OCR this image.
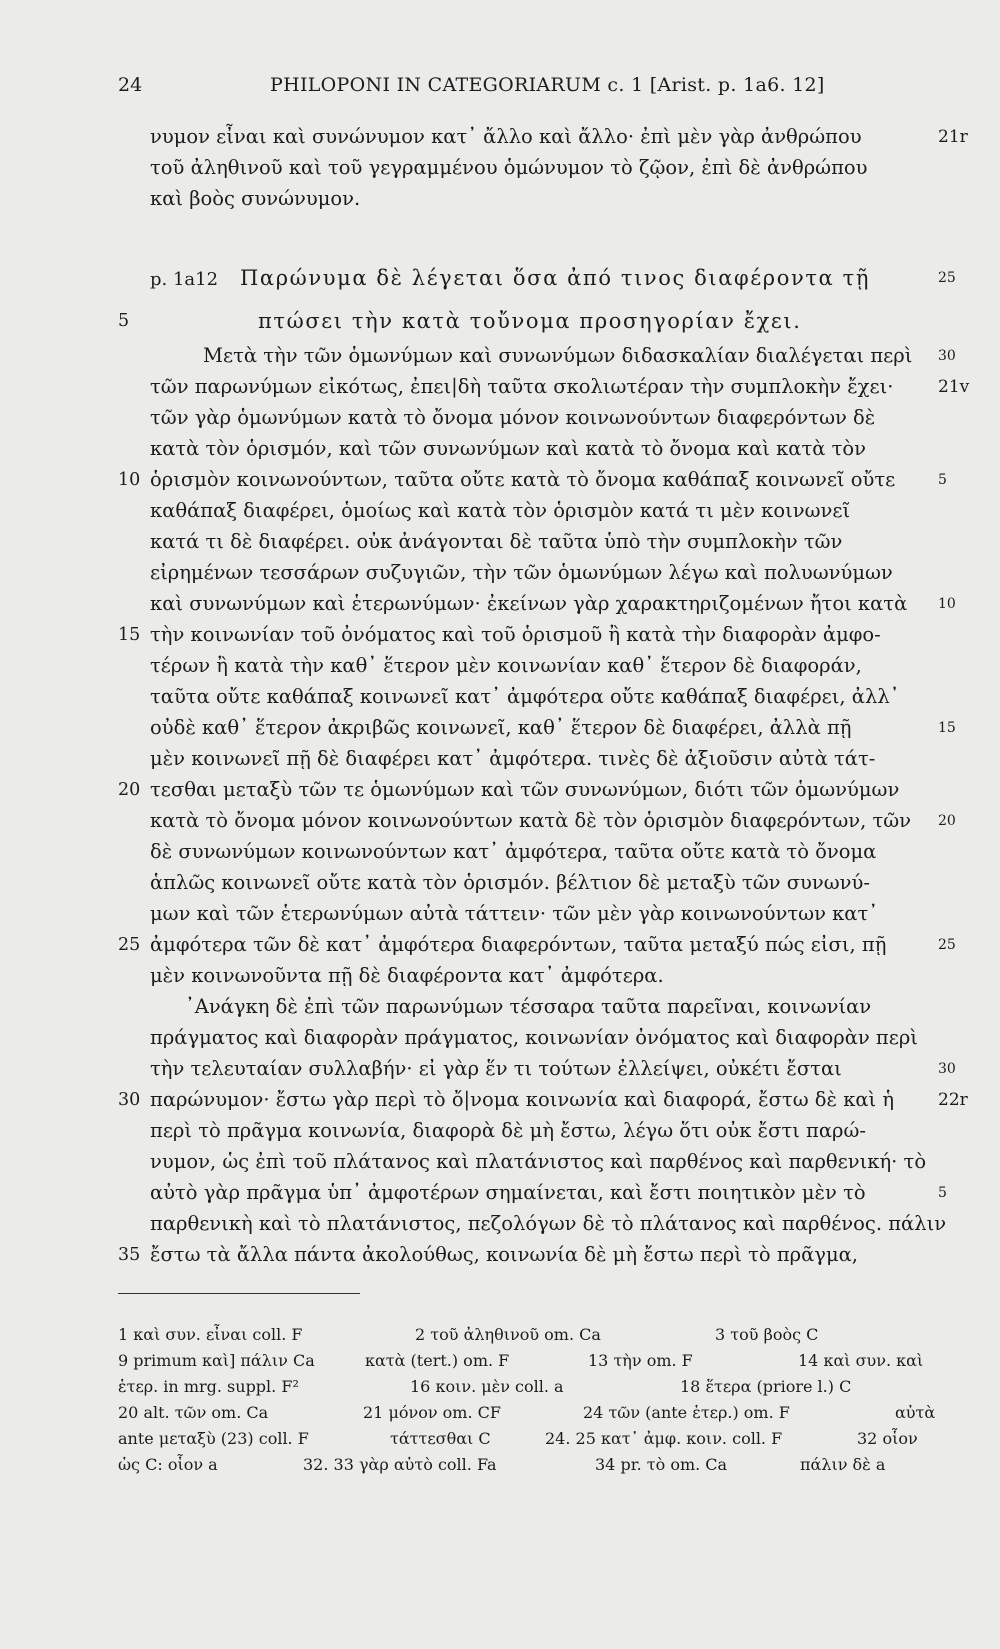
24	PHILOPONI IN CATEGORIARUM c. 1 [Arist. p. 1a6. 12]
νυμον εἶναι καὶ συνώνυμον κατ᾽ ἄλλο καὶ ἄλλο· ἐπὶ μὲν γὰρ ἀνθρώπου	21r
τοῦ ἀληθινοῦ καὶ τοῦ γεγραμμένου ὁμώνυμον τὸ ζῷον, ἐπὶ δὲ ἀνθρώπου
καὶ βοὸς συνώνυμον.
πτώσει τὴν κατὰ τοὔνομα προσηγορίαν ἔχει.
5
Μετὰ τὴν τῶν ὁμωνύμων καὶ συνωνύμων διδασκαλίαν διαλέγεται περὶ	30
τῶν παρωνύμων εἰκότως, ἐπει|δὴ ταῦτα σκολιωτέραν τὴν συμπλοκὴν ἔχει·	21v
τῶν γὰρ ὁμωνύμων κατὰ τὸ ὄνομα μόνον κοινωνούντων διαφερόντων δὲ
κατὰ τὸν ὁρισμόν, καὶ τῶν συνωνύμων καὶ κατὰ τὸ ὄνομα καὶ κατὰ τὸν
ὁρισμὸν κοινωνούντων, ταῦτα οὔτε κατὰ τὸ ὄνομα καθάπαξ κοινωνεῖ οὔτε
10	5
καθάπαξ διαφέρει, ὁμοίως καὶ κατὰ τὸν ὁρισμὸν κατά τι μὲν κοινωνεῖ
κατά τι δὲ διαφέρει. οὐκ ἀνάγονται δὲ ταῦτα ὑπὸ τὴν συμπλοκὴν τῶν
εἰρημένων τεσσάρων συζυγιῶν, τὴν τῶν ὁμωνύμων λέγω καὶ πολυωνύμων
καὶ συνωνύμων καὶ ἑτερωνύμων· ἐκείνων γὰρ χαρακτηριζομένων ἤτοι κατὰ	10
τὴν κοινωνίαν τοῦ ὀνόματος καὶ τοῦ ὁρισμοῦ ἢ κατὰ τὴν διαφορὰν ἀμφο-
15
τέρων ἢ κατὰ τὴν καθ᾽ ἕτερον μὲν κοινωνίαν καθ᾽ ἕτερον δὲ διαφοράν,
ταῦτα οὔτε καθάπαξ κοινωνεῖ κατ᾽ ἀμφότερα οὔτε καθάπαξ διαφέρει, ἀλλ᾽
οὐδὲ καθ᾽ ἕτερον ἀκριβῶς κοινωνεῖ, καθ᾽ ἕτερον δὲ διαφέρει, ἀλλὰ πῇ	15
μὲν κοινωνεῖ πῇ δὲ διαφέρει κατ᾽ ἀμφότερα. τινὲς δὲ ἀξιοῦσιν αὐτὰ τάτ-
τεσθαι μεταξὺ τῶν τε ὁμωνύμων καὶ τῶν συνωνύμων, διότι τῶν ὁμωνύμων
20
κατὰ τὸ ὄνομα μόνον κοινωνούντων κατὰ δὲ τὸν ὁρισμὸν διαφερόντων, τῶν	20
δὲ συνωνύμων κοινωνούντων κατ᾽ ἀμφότερα, ταῦτα οὔτε κατὰ τὸ ὄνομα
ἁπλῶς κοινωνεῖ οὔτε κατὰ τὸν ὁρισμόν. βέλτιον δὲ μεταξὺ τῶν συνωνύ-
μων καὶ τῶν ἑτερωνύμων αὐτὰ τάττειν· τῶν μὲν γὰρ κοινωνούντων κατ᾽
ἀμφότερα τῶν δὲ κατ᾽ ἀμφότερα διαφερόντων, ταῦτα μεταξύ πώς εἰσι, πῇ
25	25
μὲν κοινωνοῦντα πῇ δὲ διαφέροντα κατ᾽ ἀμφότερα.
᾽Ανάγκη δὲ ἐπὶ τῶν παρωνύμων τέσσαρα ταῦτα παρεῖναι, κοινωνίαν
πράγματος καὶ διαφορὰν πράγματος, κοινωνίαν ὀνόματος καὶ διαφορὰν περὶ
τὴν τελευταίαν συλλαβήν· εἰ γὰρ ἕν τι τούτων ἐλλείψει, οὐκέτι ἔσται	30
παρώνυμον· ἔστω γὰρ περὶ τὸ ὄ|νομα κοινωνία καὶ διαφορά, ἔστω δὲ καὶ ἡ
30	22r
περὶ τὸ πρᾶγμα κοινωνία, διαφορὰ δὲ μὴ ἔστω, λέγω ὅτι οὐκ ἔστι παρώ-
νυμον, ὡς ἐπὶ τοῦ πλάτανος καὶ πλατάνιστος καὶ παρθένος καὶ παρθενική· τὸ
αὐτὸ γὰρ πρᾶγμα ὑπ᾽ ἀμφοτέρων σημαίνεται, καὶ ἔστι ποιητικὸν μὲν τὸ	5
παρθενικὴ καὶ τὸ πλατάνιστος, πεζολόγων δὲ τὸ πλάτανος καὶ παρθένος. πάλιν
ἔστω τὰ ἄλλα πάντα ἀκολούθως, κοινωνία δὲ μὴ ἔστω περὶ τὸ πρᾶγμα,
35
p. 1a12 Παρώνυμα δὲ λέγεται ὅσα ἀπό τινος διαφέροντα τῇ	25
1 καὶ συν. εἶναι coll. F	2 τοῦ ἀληθινοῦ om. Ca	3 τοῦ βοὸς C
9 primum καὶ] πάλιν Ca	κατὰ (tert.) om. F	13 τὴν om. F	14 καὶ συν. καὶ
ἑτερ. in mrg. suppl. F²	16 κοιν. μὲν coll. a	18 ἕτερα (priore l.) C
20 alt. τῶν om. Ca	21 μόνον om. CF	24 τῶν (ante ἑτερ.) om. F	αὐτὰ
ante μεταξὺ (23) coll. F	τάττεσθαι C	24. 25 κατ᾽ ἀμφ. κοιν. coll. F	32 οἷον
ὡς C: οἷον a	32. 33 γὰρ αὐτὸ coll. Fa	34 pr. τὸ om. Ca	πάλιν δὲ a
